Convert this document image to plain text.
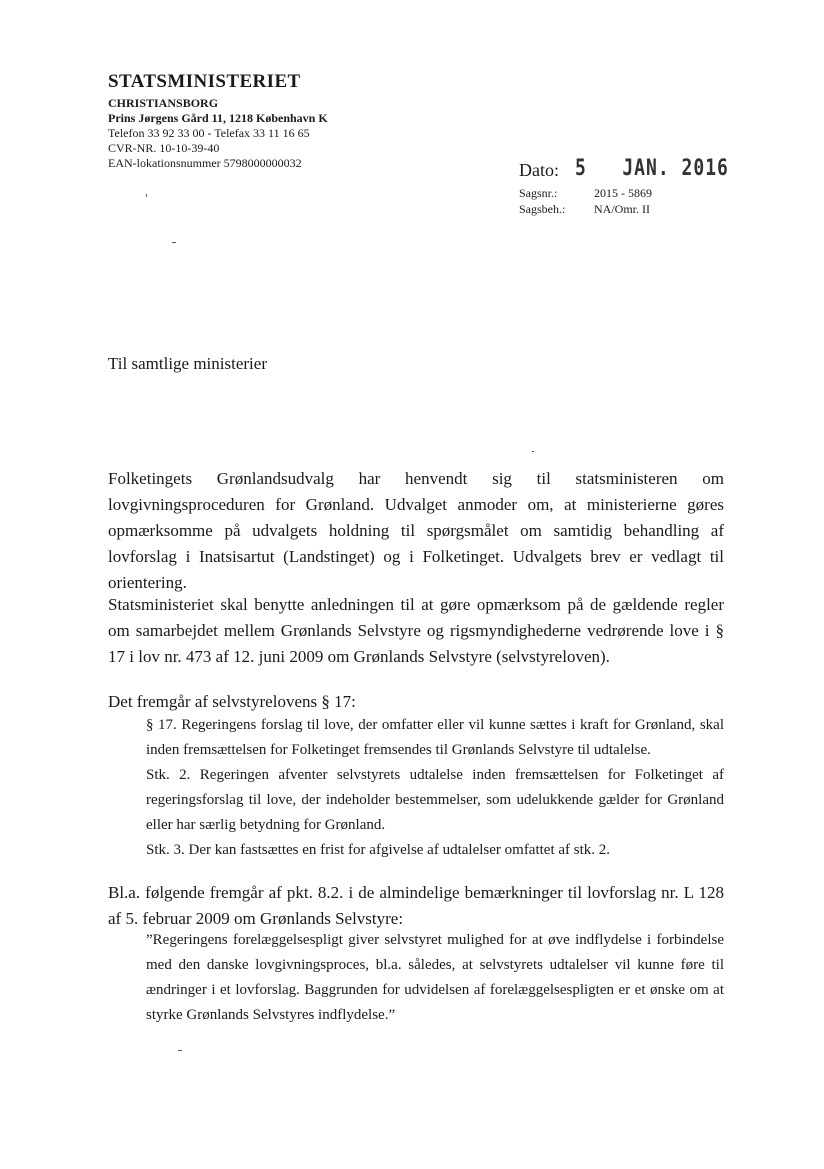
STATSMINISTERIET
CHRISTIANSBORG
Prins Jørgens Gård 11, 1218 København K
Telefon 33 92 33 00 - Telefax 33 11 16 65
CVR-NR. 10-10-39-40
EAN-lokationsnummer 5798000000032	Dato: 5   JAN. 2016
Sagsnr.:	2015 - 5869
Sagsbeh.:	NA/Omr. II
Til samtlige ministerier

Folketingets Grønlandsudvalg har henvendt sig til statsministeren om lovgivningsproceduren for Grønland. Udvalget anmoder om, at ministerierne gøres opmærksomme på udvalgets holdning til spørgsmålet om samtidig behandling af lovforslag i Inatsisartut (Landstinget) og i Folketinget. Udvalgets brev er vedlagt til orientering.

Statsministeriet skal benytte anledningen til at gøre opmærksom på de gældende regler om samarbejdet mellem Grønlands Selvstyre og rigsmyndighederne vedrørende love i § 17 i lov nr. 473 af 12. juni 2009 om Grønlands Selvstyre (selvstyreloven).

Det fremgår af selvstyrelovens § 17:

§ 17. Regeringens forslag til love, der omfatter eller vil kunne sættes i kraft for Grønland, skal inden fremsættelsen for Folketinget fremsendes til Grønlands Selvstyre til udtalelse.

Stk. 2. Regeringen afventer selvstyrets udtalelse inden fremsættelsen for Folketinget af regeringsforslag til love, der indeholder bestemmelser, som udelukkende gælder for Grønland eller har særlig betydning for Grønland.

Stk. 3. Der kan fastsættes en frist for afgivelse af udtalelser omfattet af stk. 2.

Bl.a. følgende fremgår af pkt. 8.2. i de almindelige bemærkninger til lovforslag nr. L 128 af 5. februar 2009 om Grønlands Selvstyre:

”Regeringens forelæggelsespligt giver selvstyret mulighed for at øve indflydelse i forbindelse med den danske lovgivningsproces, bl.a. således, at selvstyrets udtalelser vil kunne føre til ændringer i et lovforslag. Baggrunden for udvidelsen af forelæggelsespligten er et ønske om at styrke Grønlands Selvstyres indflydelse.”
